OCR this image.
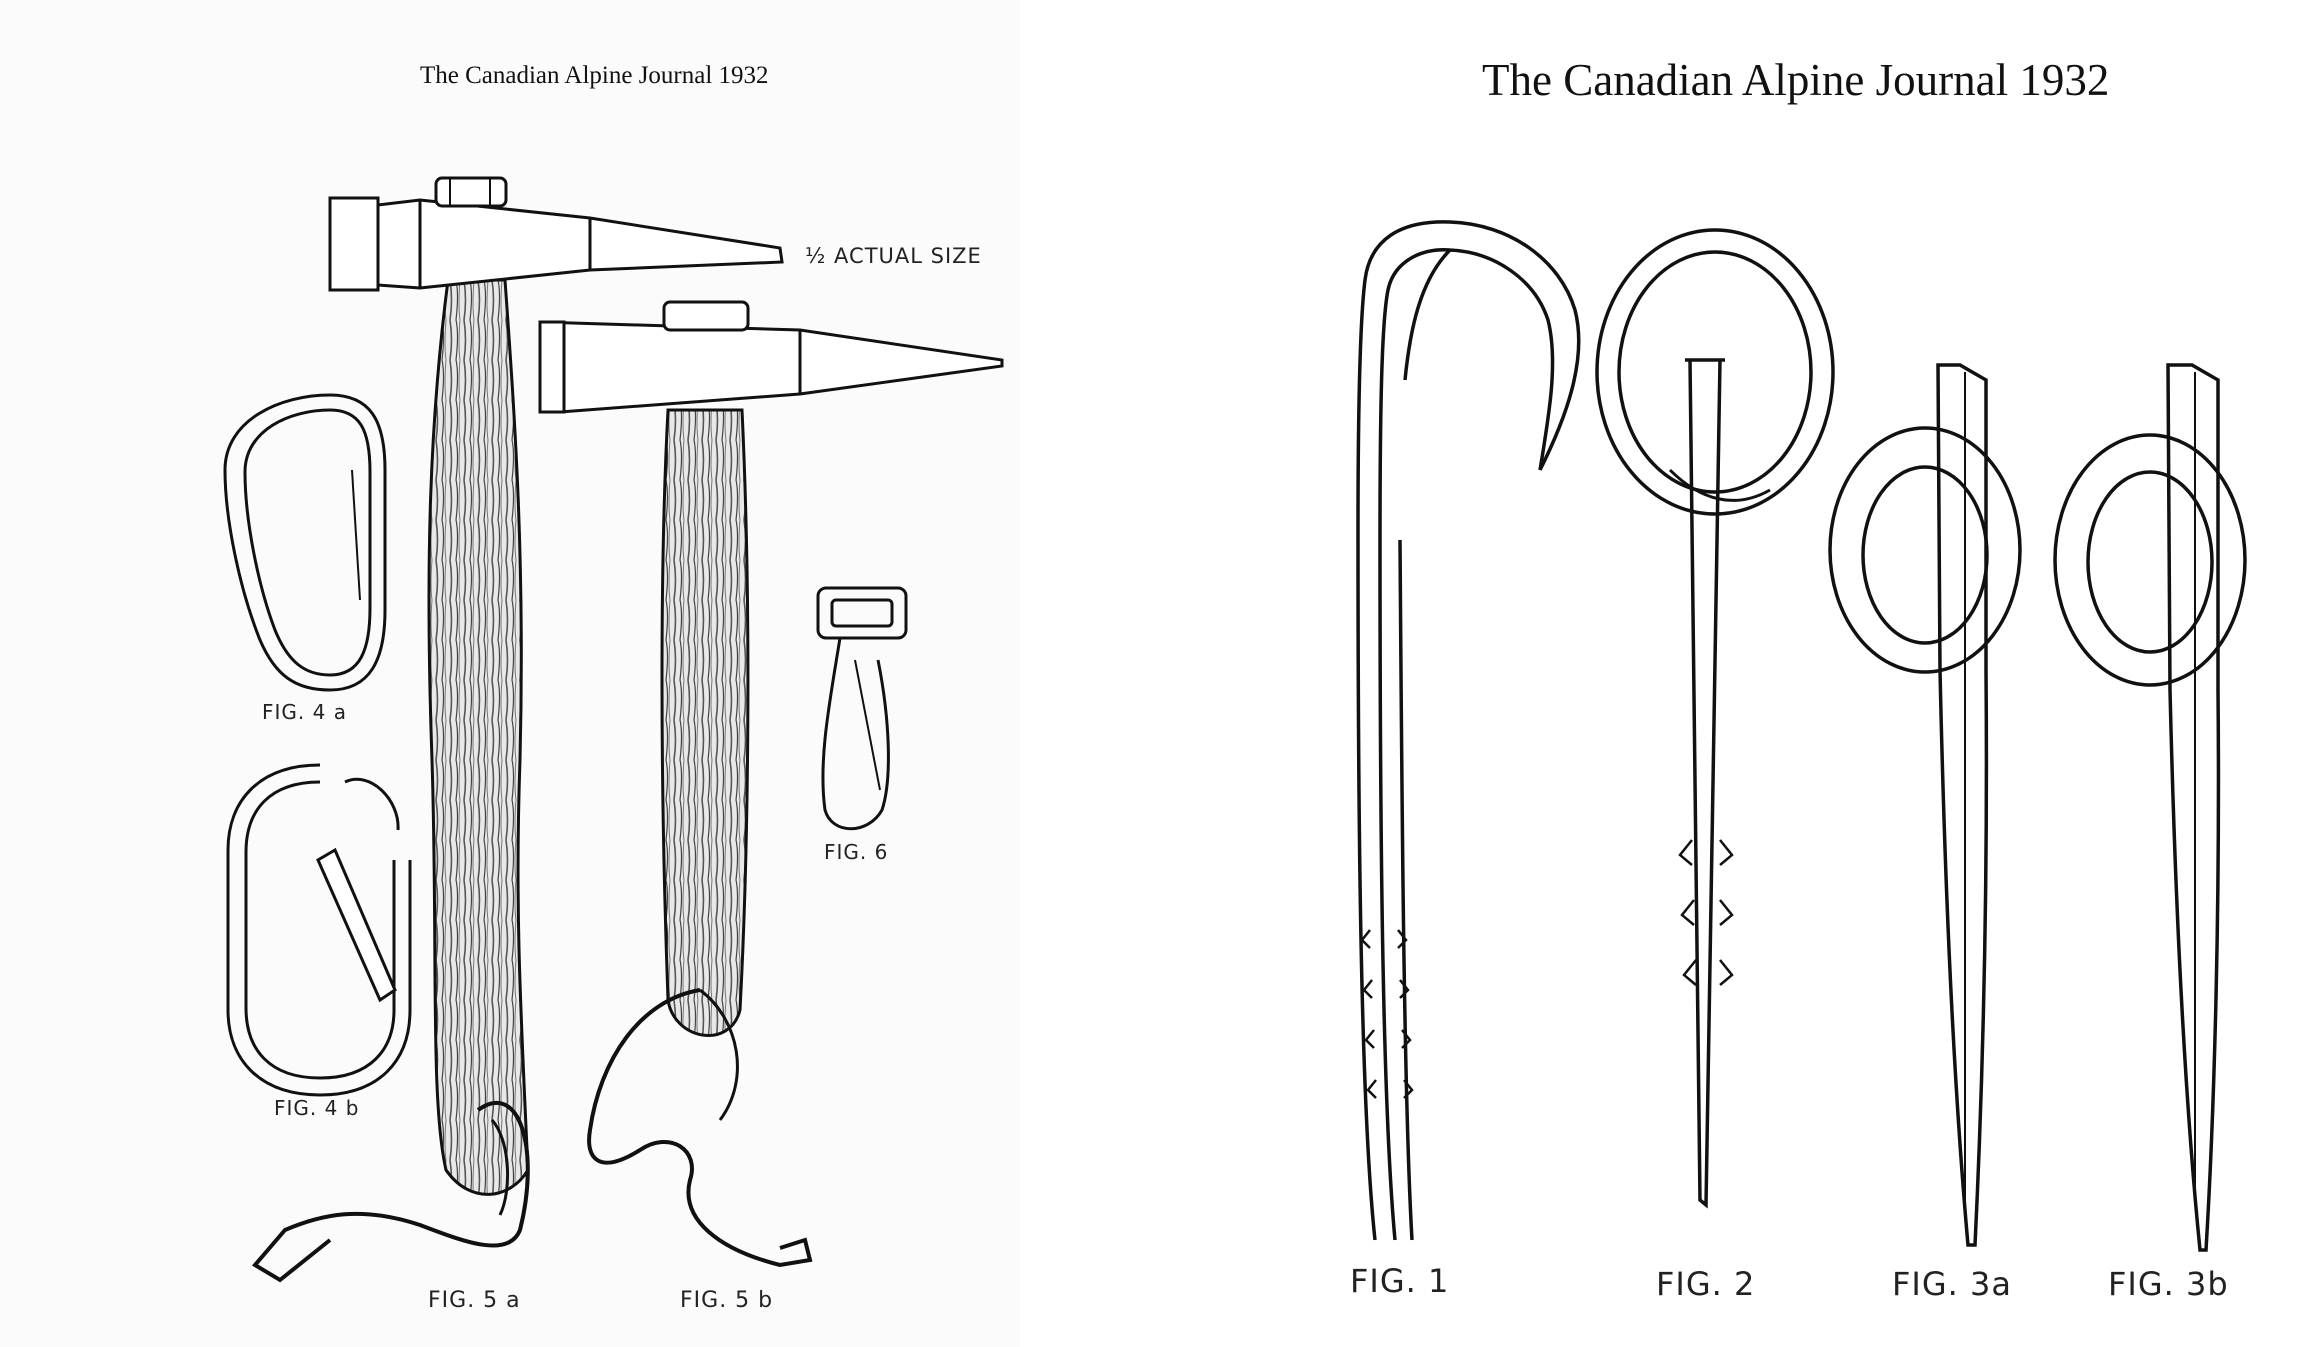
The Canadian Alpine Journal 1932
½ ACTUAL SIZE
FIG. 4 a
FIG. 4 b
FIG. 5 a	FIG. 5 b
FIG. 6
The Canadian Alpine Journal 1932
FIG. 1	FIG. 2	FIG. 3a	FIG. 3b
